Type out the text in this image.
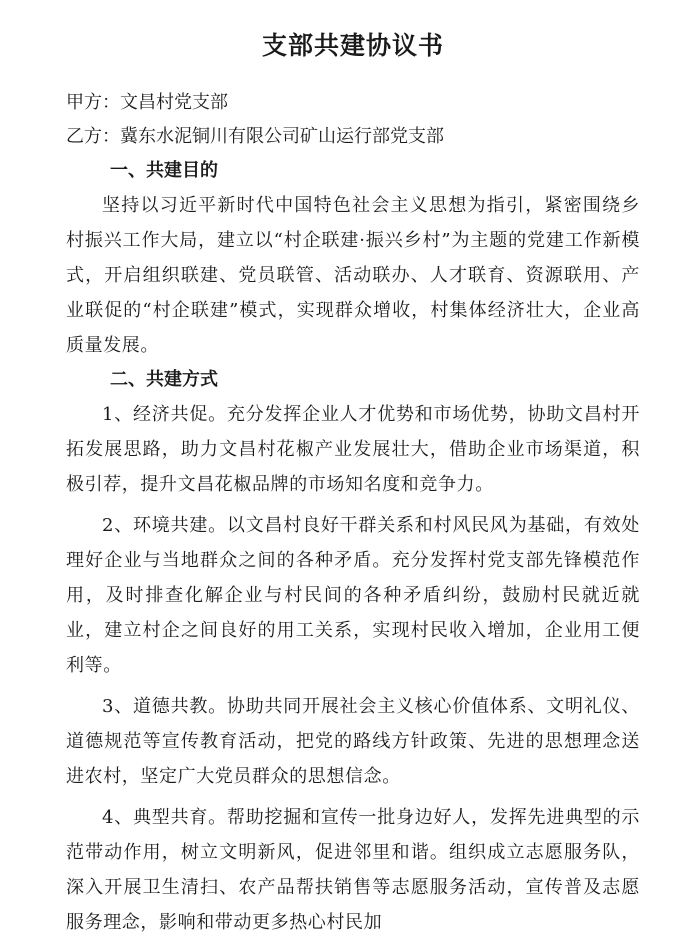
支部共建协议书

甲方：文昌村党支部

乙方：冀东水泥铜川有限公司矿山运行部党支部

一、共建目的

坚持以习近平新时代中国特色社会主义思想为指引，紧密围绕乡村振兴工作大局，建立以“村企联建·振兴乡村”为主题的党建工作新模式，开启组织联建、党员联管、活动联办、人才联育、资源联用、产业联促的“村企联建”模式，实现群众增收，村集体经济壮大，企业高质量发展。

二、共建方式

1、经济共促。充分发挥企业人才优势和市场优势，协助文昌村开拓发展思路，助力文昌村花椒产业发展壮大，借助企业市场渠道，积极引荐，提升文昌花椒品牌的市场知名度和竞争力。

2、环境共建。以文昌村良好干群关系和村风民风为基础，有效处理好企业与当地群众之间的各种矛盾。充分发挥村党支部先锋模范作用，及时排查化解企业与村民间的各种矛盾纠纷，鼓励村民就近就业，建立村企之间良好的用工关系，实现村民收入增加，企业用工便利等。

3、道德共教。协助共同开展社会主义核心价值体系、文明礼仪、道德规范等宣传教育活动，把党的路线方针政策、先进的思想理念送进农村，坚定广大党员群众的思想信念。

4、典型共育。帮助挖掘和宣传一批身边好人，发挥先进典型的示范带动作用，树立文明新风，促进邻里和谐。组织成立志愿服务队，深入开展卫生清扫、农产品帮扶销售等志愿服务活动，宣传普及志愿服务理念，影响和带动更多热心村民加
